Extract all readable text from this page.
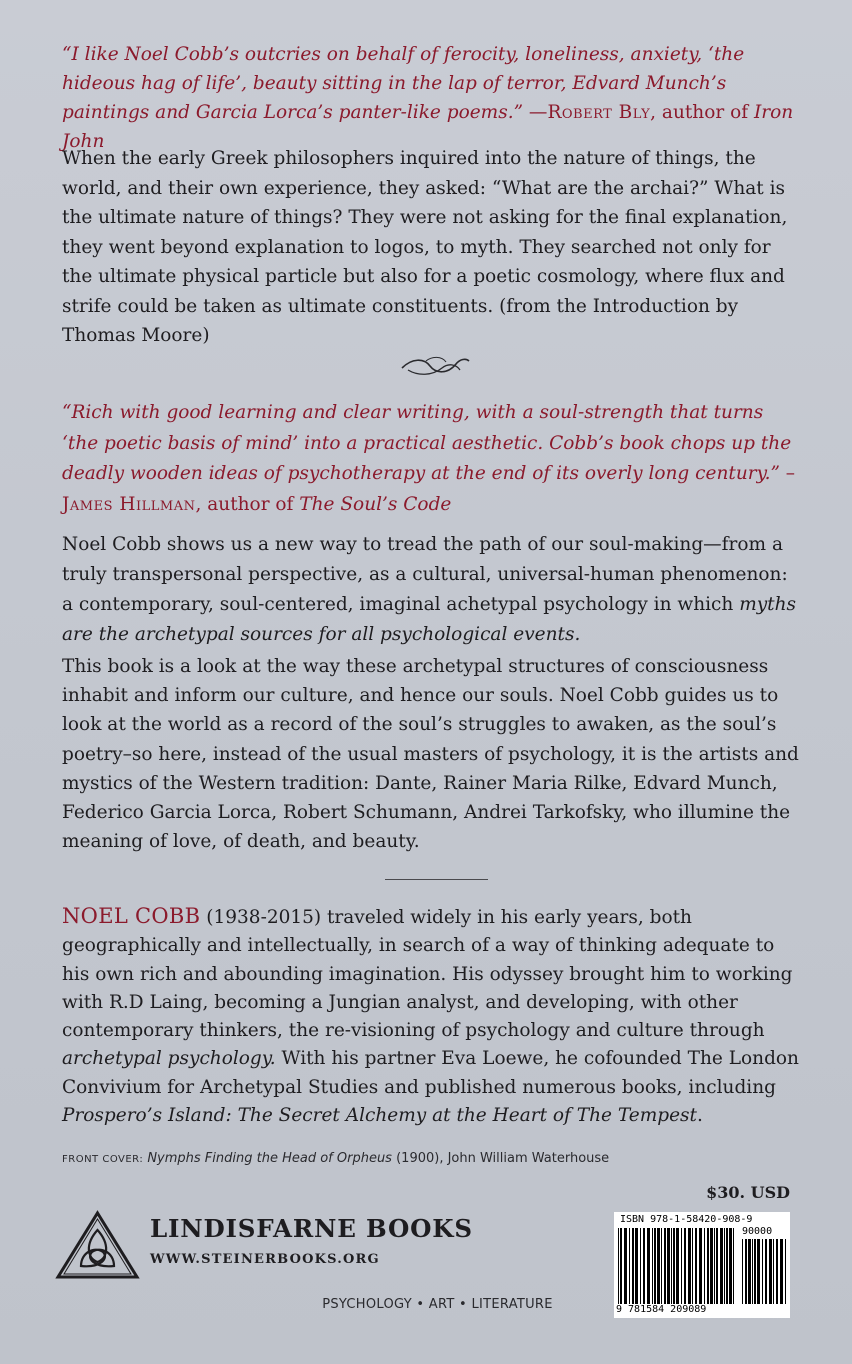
“I like Noel Cobb’s outcries on behalf of ferocity, loneliness, anxiety, ‘the hideous hag of life’, beauty sitting in the lap of terror, Edvard Munch’s paintings and Garcia Lorca’s panter-like poems.” —Robert Bly, author of Iron John
When the early Greek philosophers inquired into the nature of things, the world, and their own experience, they asked: “What are the archai?” What is the ultimate nature of things? They were not asking for the final explanation, they went beyond explanation to logos, to myth. They searched not only for the ultimate physical particle but also for a poetic cosmology, where flux and strife could be taken as ultimate constituents. (from the Introduction by Thomas Moore)
“Rich with good learning and clear writing, with a soul-strength that turns ‘the poetic basis of mind’ into a practical aesthetic. Cobb’s book chops up the deadly wooden ideas of psychotherapy at the end of its overly long century.” –James Hillman, author of The Soul’s Code
Noel Cobb shows us a new way to tread the path of our soul-making—from a truly transpersonal perspective, as a cultural, universal-human phenomenon: a contemporary, soul-centered, imaginal achetypal psychology in which myths are the archetypal sources for all psychological events.
This book is a look at the way these archetypal structures of consciousness inhabit and inform our culture, and hence our souls. Noel Cobb guides us to look at the world as a record of the soul’s struggles to awaken, as the soul’s poetry–so here, instead of the usual masters of psychology, it is the artists and mystics of the Western tradition: Dante, Rainer Maria Rilke, Edvard Munch, Federico Garcia Lorca, Robert Schumann, Andrei Tarkofsky, who illumine the meaning of love, of death, and beauty.
NOEL COBB (1938-2015) traveled widely in his early years, both geographically and intellectually, in search of a way of thinking adequate to his own rich and abounding imagination. His odyssey brought him to working with R.D Laing, becoming a Jungian analyst, and developing, with other contemporary thinkers, the re-visioning of psychology and culture through archetypal psychology. With his partner Eva Loewe, he cofounded The London Convivium for Archetypal Studies and published numerous books, including Prospero’s Island: The Secret Alchemy at the Heart of The Tempest.
FRONT COVER: Nymphs Finding the Head of Orpheus (1900), John William Waterhouse
$30. USD
LINDISFARNE BOOKS
WWW.STEINERBOOKS.ORG
PSYCHOLOGY • ART • LITERATURE
ISBN 978-1-58420-908-9
90000
9 781584 209089
